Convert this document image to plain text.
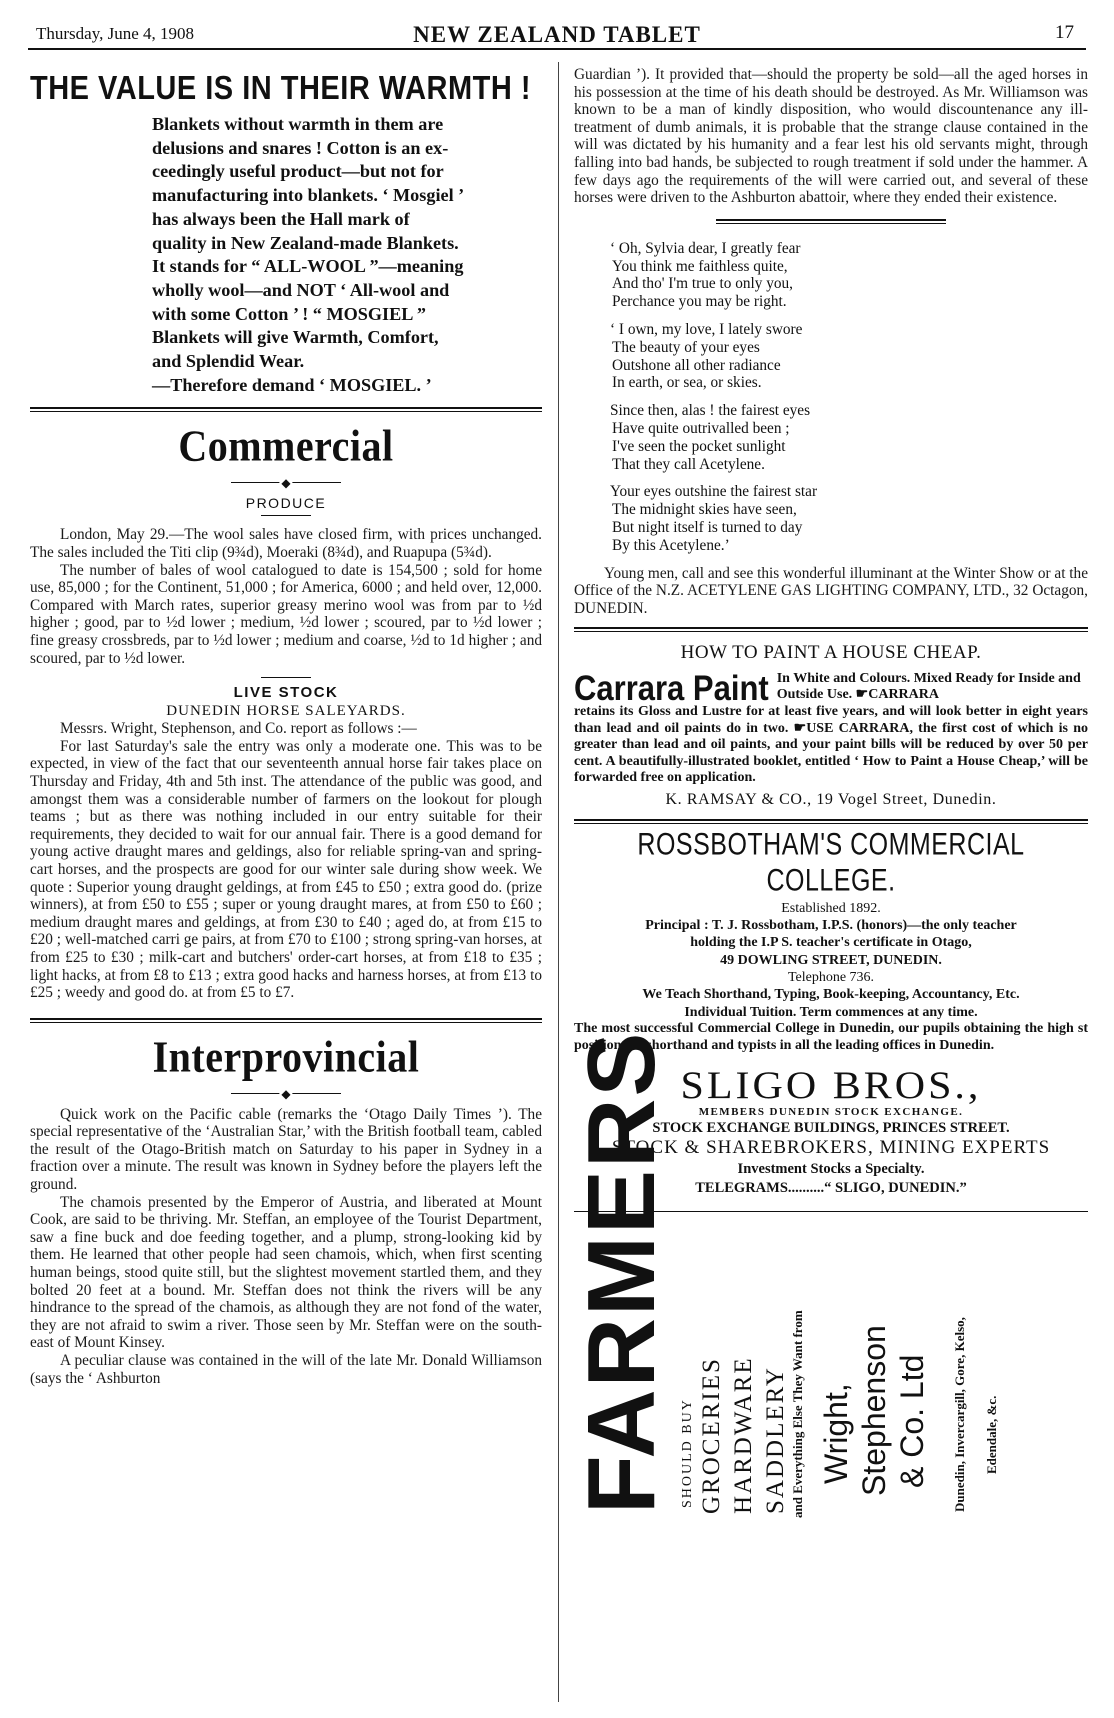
Thursday, June 4, 1908	NEW ZEALAND TABLET	17
THE VALUE IS IN THEIR WARMTH !

Blankets without warmth in them are

delusions and snares ! Cotton is an ex-

ceedingly useful product—but not for

manufacturing into blankets. ‘ Mosgiel ’

has always been the Hall mark of

quality in New Zealand-made Blankets.

It stands for “ ALL-WOOL ”—meaning

wholly wool—and NOT ‘ All-wool and

with some Cotton ’ ! “ MOSGIEL ”

Blankets will give Warmth, Comfort,

and Splendid Wear.

—Therefore demand ‘ MOSGIEL. ’

Commercial
◆
PRODUCE

London, May 29.—The wool sales have closed firm, with prices unchanged. The sales included the Titi clip (9¾d), Moeraki (8¾d), and Ruapupa (5¾d).

The number of bales of wool catalogued to date is 154,500 ; sold for home use, 85,000 ; for the Continent, 51,000 ; for America, 6000 ; and held over, 12,000. Compared with March rates, superior greasy merino wool was from par to ½d higher ; good, par to ½d lower ; medium, ½d lower ; scoured, par to ½d lower ; fine greasy crossbreds, par to ½d lower ; medium and coarse, ½d to 1d higher ; and scoured, par to ½d lower.

LIVE STOCK
DUNEDIN HORSE SALEYARDS.

Messrs. Wright, Stephenson, and Co. report as follows :—

For last Saturday's sale the entry was only a moderate one. This was to be expected, in view of the fact that our seventeenth annual horse fair takes place on Thursday and Friday, 4th and 5th inst. The attendance of the public was good, and amongst them was a considerable number of farmers on the lookout for plough teams ; but as there was nothing included in our entry suitable for their requirements, they decided to wait for our annual fair. There is a good demand for young active draught mares and geldings, also for reliable spring-van and spring-cart horses, and the prospects are good for our winter sale during show week. We quote : Superior young draught geldings, at from £45 to £50 ; extra good do. (prize winners), at from £50 to £55 ; super or young draught mares, at from £50 to £60 ; medium draught mares and geldings, at from £30 to £40 ; aged do, at from £15 to £20 ; well-matched carri ge pairs, at from £70 to £100 ; strong spring-van horses, at from £25 to £30 ; milk-cart and butchers' order-cart horses, at from £18 to £35 ; light hacks, at from £8 to £13 ; extra good hacks and harness horses, at from £13 to £25 ; weedy and good do. at from £5 to £7.

Interprovincial
◆

Quick work on the Pacific cable (remarks the ‘Otago Daily Times ’). The special representative of the ‘Australian Star,’ with the British football team, cabled the result of the Otago-British match on Saturday to his paper in Sydney in a fraction over a minute. The result was known in Sydney before the players left the ground.

The chamois presented by the Emperor of Austria, and liberated at Mount Cook, are said to be thriving. Mr. Steffan, an employee of the Tourist Department, saw a fine buck and doe feeding together, and a plump, strong-looking kid by them. He learned that other people had seen chamois, which, when first scenting human beings, stood quite still, but the slightest movement startled them, and they bolted 20 feet at a bound. Mr. Steffan does not think the rivers will be any hindrance to the spread of the chamois, as although they are not fond of the water, they are not afraid to swim a river. Those seen by Mr. Steffan were on the south-east of Mount Kinsey.

A peculiar clause was contained in the will of the late Mr. Donald Williamson (says the ‘ Ashburton

Guardian ’). It provided that—should the property be sold—all the aged horses in his possession at the time of his death should be destroyed. As Mr. Williamson was known to be a man of kindly disposition, who would discountenance any ill-treatment of dumb animals, it is probable that the strange clause contained in the will was dictated by his humanity and a fear lest his old servants might, through falling into bad hands, be subjected to rough treatment if sold under the hammer. A few days ago the requirements of the will were carried out, and several of these horses were driven to the Ashburton abattoir, where they ended their existence.

‘ Oh, Sylvia dear, I greatly fear
You think me faithless quite,
And tho' I'm true to only you,
Perchance you may be right.
‘ I own, my love, I lately swore
The beauty of your eyes
Outshone all other radiance
In earth, or sea, or skies.
Since then, alas ! the fairest eyes
Have quite outrivalled been ;
I've seen the pocket sunlight
That they call Acetylene.
Your eyes outshine the fairest star
The midnight skies have seen,
But night itself is turned to day
By this Acetylene.’

Young men, call and see this wonderful illuminant at the Winter Show or at the Office of the N.Z. ACETYLENE GAS LIGHTING COMPANY, LTD., 32 Octagon, DUNEDIN.

HOW TO PAINT A HOUSE CHEAP.
Carrara Paint In White and Colours. Mixed Ready for Inside and Outside Use. ☛CARRARA
retains its Gloss and Lustre for at least five years, and will look better in eight years than lead and oil paints do in two. ☛USE CARRARA, the first cost of which is no greater than lead and oil paints, and your paint bills will be reduced by over 50 per cent. A beautifully-illustrated booklet, entitled ‘ How to Paint a House Cheap,’ will be forwarded free on application.
K. RAMSAY & CO., 19 Vogel Street, Dunedin.
ROSSBOTHAM'S COMMERCIAL COLLEGE.
Established 1892.
Principal : T. J. Rossbotham, I.P.S. (honors)—the only teacher
holding the I.P S. teacher's certificate in Otago,
49 DOWLING STREET, DUNEDIN.
Telephone 736.
We Teach Shorthand, Typing, Book-keeping, Accountancy, Etc.
Individual Tuition. Term commences at any time.
The most successful Commercial College in Dunedin, our pupils obtaining the high st positions as shorthand and typists in all the leading offices in Dunedin.
SLIGO BROS.,
MEMBERS DUNEDIN STOCK EXCHANGE.
STOCK EXCHANGE BUILDINGS, PRINCES STREET.
STOCK & SHAREBROKERS, MINING EXPERTS
Investment Stocks a Specialty.
TELEGRAMS..........“ SLIGO, DUNEDIN.”
FARMERS SHOULD BUY GROCERIES HARDWARE SADDLERY and Everything Else They Want from Wright, Stephenson & Co. Ltd Dunedin, Invercargill, Gore, Kelso, Edendale, &c.
